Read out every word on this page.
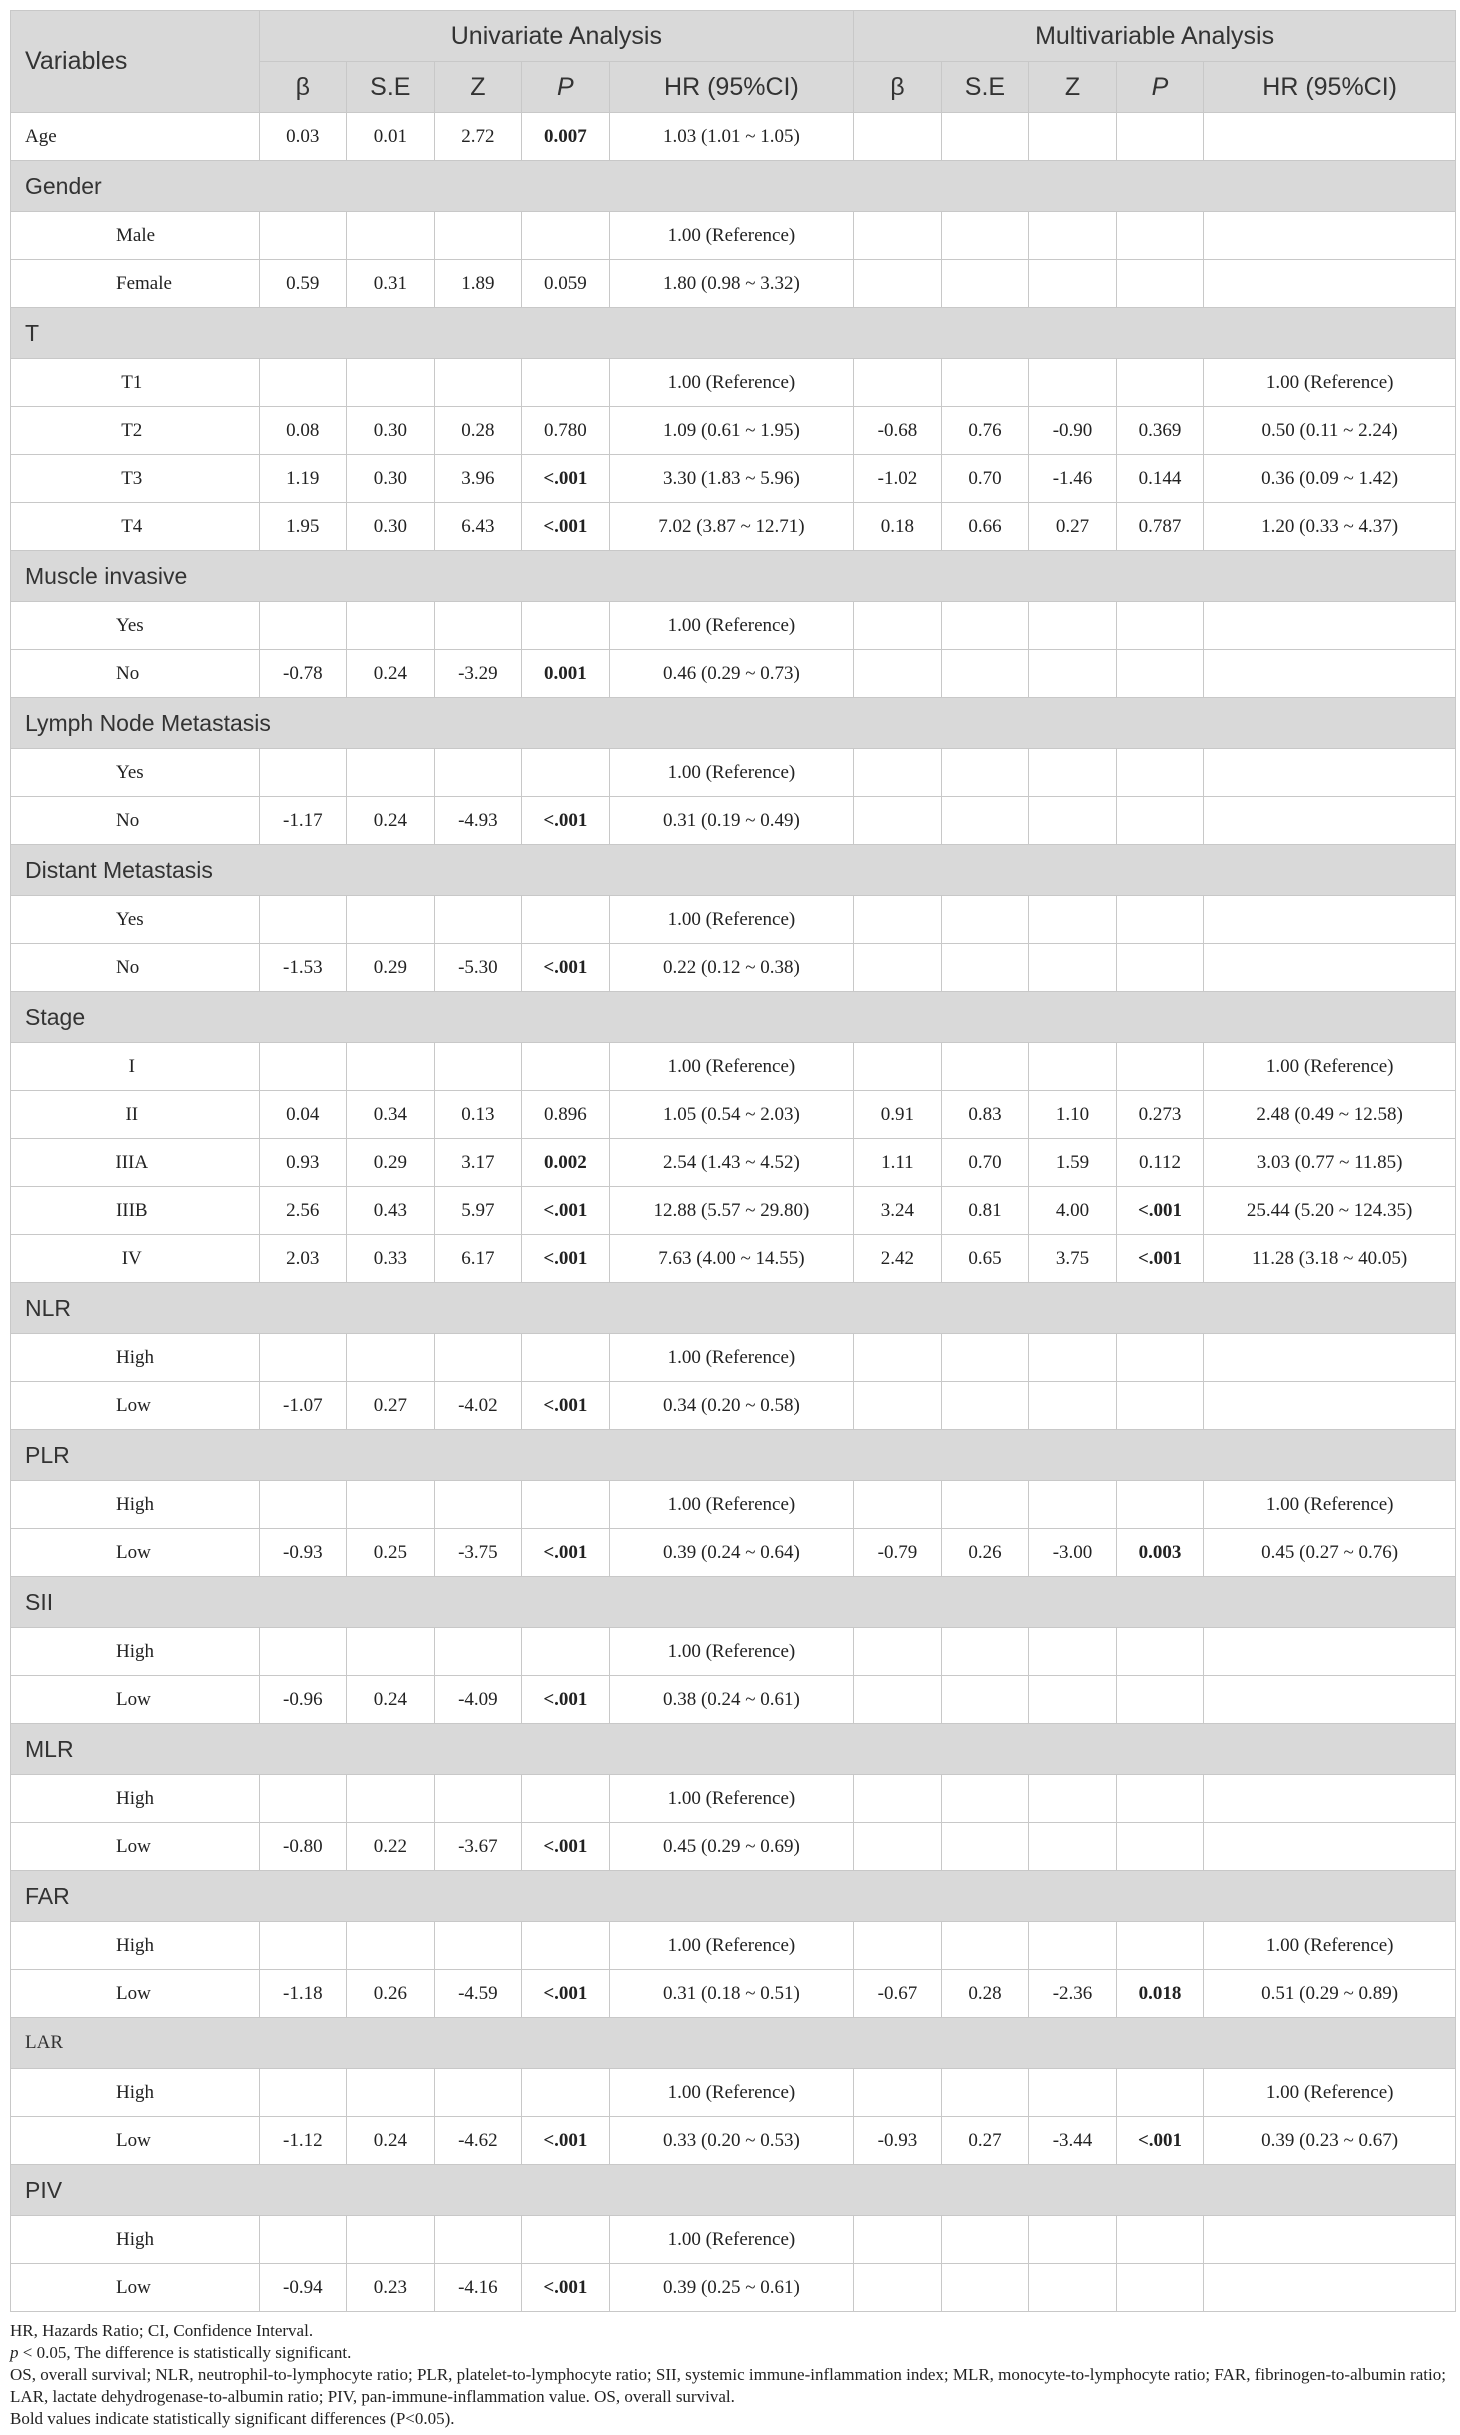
Variables	Univariate Analysis					Multivariable Analysis				
	β	S.E	Z	P	HR (95%CI)	β	S.E	Z	P	HR (95%CI)
Age	0.03	0.01	2.72	0.007	1.03 (1.01 ~ 1.05)					
Gender										
Male					1.00 (Reference)					
Female	0.59	0.31	1.89	0.059	1.80 (0.98 ~ 3.32)					
T										
T1					1.00 (Reference)					1.00 (Reference)
T2	0.08	0.30	0.28	0.780	1.09 (0.61 ~ 1.95)	-0.68	0.76	-0.90	0.369	0.50 (0.11 ~ 2.24)
T3	1.19	0.30	3.96	<.001	3.30 (1.83 ~ 5.96)	-1.02	0.70	-1.46	0.144	0.36 (0.09 ~ 1.42)
T4	1.95	0.30	6.43	<.001	7.02 (3.87 ~ 12.71)	0.18	0.66	0.27	0.787	1.20 (0.33 ~ 4.37)
Muscle invasive										
Yes					1.00 (Reference)					
No	-0.78	0.24	-3.29	0.001	0.46 (0.29 ~ 0.73)					
Lymph Node Metastasis										
Yes					1.00 (Reference)					
No	-1.17	0.24	-4.93	<.001	0.31 (0.19 ~ 0.49)					
Distant Metastasis										
Yes					1.00 (Reference)					
No	-1.53	0.29	-5.30	<.001	0.22 (0.12 ~ 0.38)					
Stage										
I					1.00 (Reference)					1.00 (Reference)
II	0.04	0.34	0.13	0.896	1.05 (0.54 ~ 2.03)	0.91	0.83	1.10	0.273	2.48 (0.49 ~ 12.58)
IIIA	0.93	0.29	3.17	0.002	2.54 (1.43 ~ 4.52)	1.11	0.70	1.59	0.112	3.03 (0.77 ~ 11.85)
IIIB	2.56	0.43	5.97	<.001	12.88 (5.57 ~ 29.80)	3.24	0.81	4.00	<.001	25.44 (5.20 ~ 124.35)
IV	2.03	0.33	6.17	<.001	7.63 (4.00 ~ 14.55)	2.42	0.65	3.75	<.001	11.28 (3.18 ~ 40.05)
NLR										
High					1.00 (Reference)					
Low	-1.07	0.27	-4.02	<.001	0.34 (0.20 ~ 0.58)					
PLR										
High					1.00 (Reference)					1.00 (Reference)
Low	-0.93	0.25	-3.75	<.001	0.39 (0.24 ~ 0.64)	-0.79	0.26	-3.00	0.003	0.45 (0.27 ~ 0.76)
SII										
High					1.00 (Reference)					
Low	-0.96	0.24	-4.09	<.001	0.38 (0.24 ~ 0.61)					
MLR										
High					1.00 (Reference)					
Low	-0.80	0.22	-3.67	<.001	0.45 (0.29 ~ 0.69)					
FAR										
High					1.00 (Reference)					1.00 (Reference)
Low	-1.18	0.26	-4.59	<.001	0.31 (0.18 ~ 0.51)	-0.67	0.28	-2.36	0.018	0.51 (0.29 ~ 0.89)
LAR										
High					1.00 (Reference)					1.00 (Reference)
Low	-1.12	0.24	-4.62	<.001	0.33 (0.20 ~ 0.53)	-0.93	0.27	-3.44	<.001	0.39 (0.23 ~ 0.67)
PIV										
High					1.00 (Reference)					
Low	-0.94	0.23	-4.16	<.001	0.39 (0.25 ~ 0.61)					

HR, Hazards Ratio; CI, Confidence Interval.

p < 0.05, The difference is statistically significant.

OS, overall survival; NLR, neutrophil-to-lymphocyte ratio; PLR, platelet-to-lymphocyte ratio; SII, systemic immune-inflammation index; MLR, monocyte-to-lymphocyte ratio; FAR, fibrinogen-to-albumin ratio; LAR, lactate dehydrogenase-to-albumin ratio; PIV, pan-immune-inflammation value. OS, overall survival.

Bold values indicate statistically significant differences (P<0.05).
